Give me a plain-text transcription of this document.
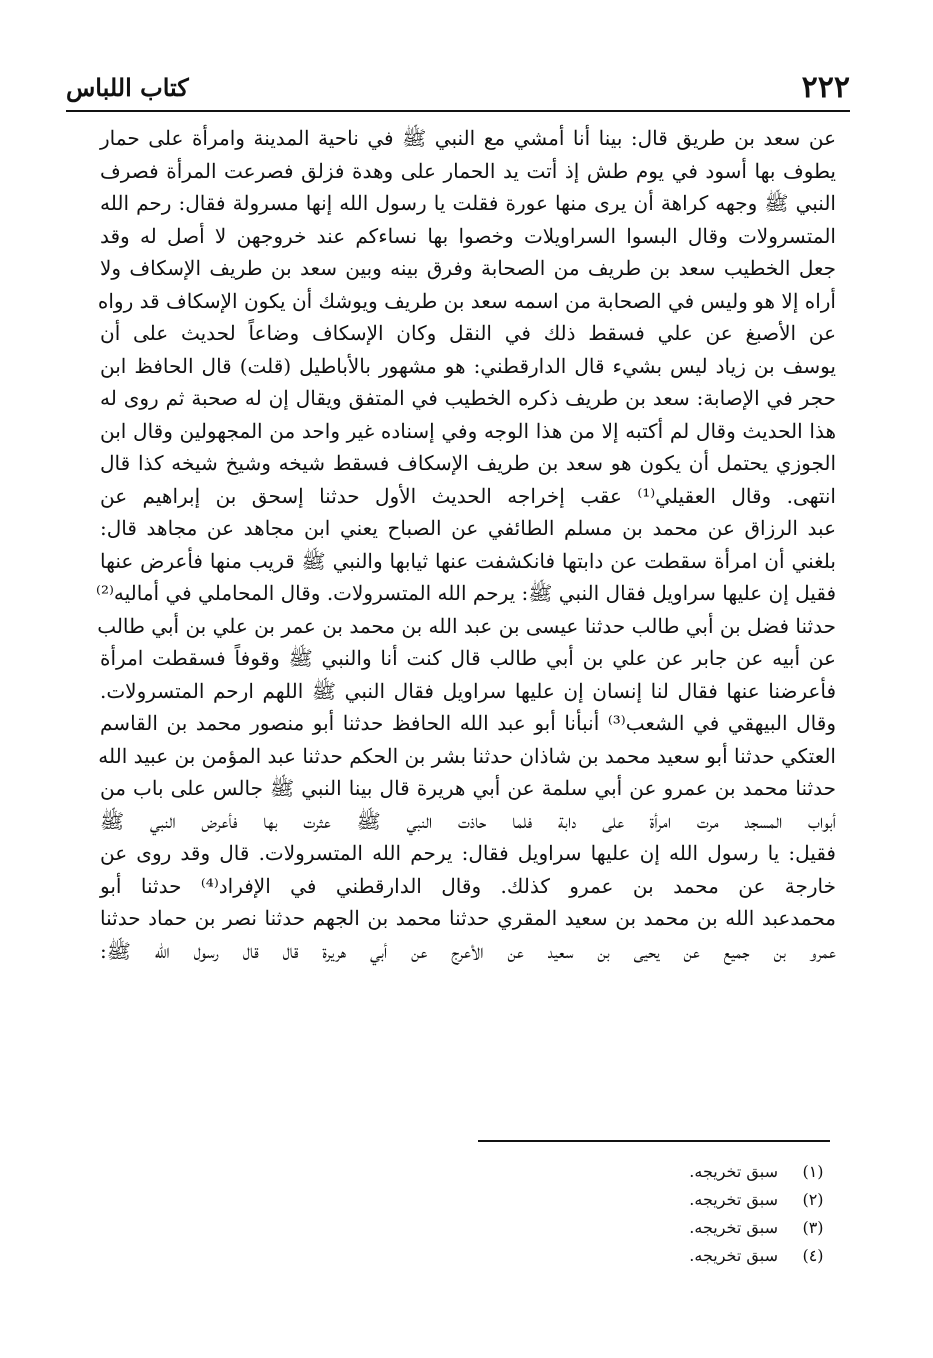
٢٢٢
كتاب اللباس
عن سعد بن طريق قال: بينا أنا أمشي مع النبي ﷺ في ناحية المدينة وامرأة على حمار
يطوف بها أسود في يوم طش إذ أتت يد الحمار على وهدة فزلق فصرعت المرأة فصرف
النبي ﷺ وجهه كراهة أن يرى منها عورة فقلت يا رسول الله إنها مسرولة فقال: رحم الله
المتسرولات وقال البسوا السراويلات وخصوا بها نساءكم عند خروجهن لا أصل له وقد
جعل الخطيب سعد بن طريف من الصحابة وفرق بينه وبين سعد بن طريف الإسكاف ولا
أراه إلا هو وليس في الصحابة من اسمه سعد بن طريف ويوشك أن يكون الإسكاف قد رواه
عن الأصبغ عن علي فسقط ذلك في النقل وكان الإسكاف وضاعاً لحديث على أن
يوسف بن زياد ليس بشيء قال الدارقطني: هو مشهور بالأباطيل (قلت) قال الحافظ ابن
حجر في الإصابة: سعد بن طريف ذكره الخطيب في المتفق ويقال إن له صحبة ثم روى له
هذا الحديث وقال لم أكتبه إلا من هذا الوجه وفي إسناده غير واحد من المجهولين وقال ابن
الجوزي يحتمل أن يكون هو سعد بن طريف الإسكاف فسقط شيخه وشيخ شيخه كذا قال
انتهى. وقال العقيلي⁽¹⁾ عقب إخراجه الحديث الأول حدثنا إسحق بن إبراهيم عن
عبد الرزاق عن محمد بن مسلم الطائفي عن الصباح يعني ابن مجاهد عن مجاهد قال:
بلغني أن امرأة سقطت عن دابتها فانكشفت عنها ثيابها والنبي ﷺ قريب منها فأعرض عنها
فقيل إن عليها سراويل فقال النبي ﷺ: يرحم الله المتسرولات. وقال المحاملي في أماليه⁽²⁾
حدثنا فضل بن أبي طالب حدثنا عيسى بن عبد الله بن محمد بن عمر بن علي بن أبي طالب
عن أبيه عن جابر عن علي بن أبي طالب قال كنت أنا والنبي ﷺ وقوفاً فسقطت امرأة
فأعرضنا عنها فقال لنا إنسان إن عليها سراويل فقال النبي ﷺ اللهم ارحم المتسرولات.
وقال البيهقي في الشعب⁽³⁾ أنبأنا أبو عبد الله الحافظ حدثنا أبو منصور محمد بن القاسم
العتكي حدثنا أبو سعيد محمد بن شاذان حدثنا بشر بن الحكم حدثنا عبد المؤمن بن عبيد الله
حدثنا محمد بن عمرو عن أبي سلمة عن أبي هريرة قال بينا النبي ﷺ جالس على باب من
أبواب المسجد مرت امرأة على دابة فلما حاذت النبي ﷺ عثرت بها فأعرض النبي ﷺ
فقيل: يا رسول الله إن عليها سراويل فقال: يرحم الله المتسرولات. قال وقد روى عن
خارجة عن محمد بن عمرو كذلك. وقال الدارقطني في الإفراد⁽⁴⁾ حدثنا أبو
محمدعبد الله بن محمد بن سعيد المقري حدثنا محمد بن الجهم حدثنا نصر بن حماد حدثنا
عمرو بن جميع عن يحيى بن سعيد عن الأعرج عن أبي هريرة قال قال رسول الله ﷺ:
(١)
سبق تخريجه.
(٢)
سبق تخريجه.
(٣)
سبق تخريجه.
(٤)
سبق تخريجه.
